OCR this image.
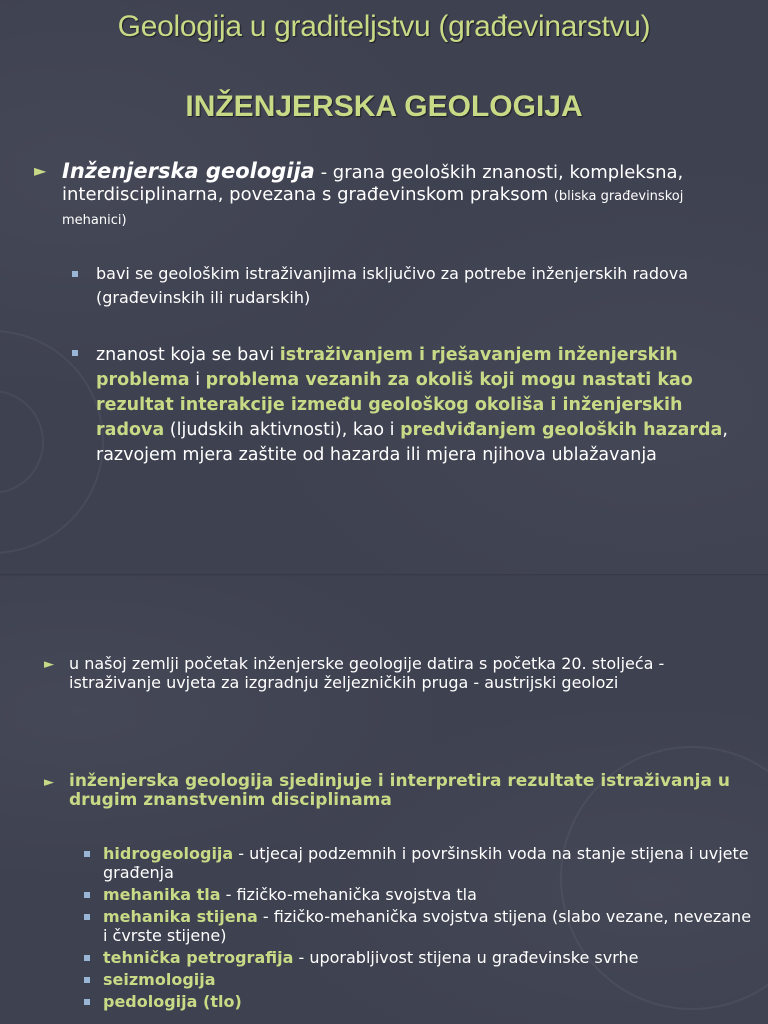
Geologija u graditeljstvu (građevinarstvu)
INŽENJERSKA GEOLOGIJA
► Inženjerska geologija - grana geoloških znanosti, kompleksna, interdisciplinarna, povezana s građevinskom praksom (bliska građevinskoj mehanici)
bavi se geološkim istraživanjima isključivo za potrebe inženjerskih radova (građevinskih ili rudarskih)
znanost koja se bavi istraživanjem i rješavanjem inženjerskih problema i problema vezanih za okoliš koji mogu nastati kao rezultat interakcije između geološkog okoliša i inženjerskih radova (ljudskih aktivnosti), kao i predviđanjem geoloških hazarda, razvojem mjera zaštite od hazarda ili mjera njihova ublažavanja
► u našoj zemlji početak inženjerske geologije datira s početka 20. stoljeća - istraživanje uvjeta za izgradnju željezničkih pruga - austrijski geolozi
► inženjerska geologija sjedinjuje i interpretira rezultate istraživanja u drugim znanstvenim disciplinama
hidrogeologija - utjecaj podzemnih i površinskih voda na stanje stijena i uvjete građenja
mehanika tla - fizičko-mehanička svojstva tla
mehanika stijena - fizičko-mehanička svojstva stijena (slabo vezane, nevezane i čvrste stijene)
tehnička petrografija - uporabljivost stijena u građevinske svrhe
seizmologija
pedologija (tlo)
